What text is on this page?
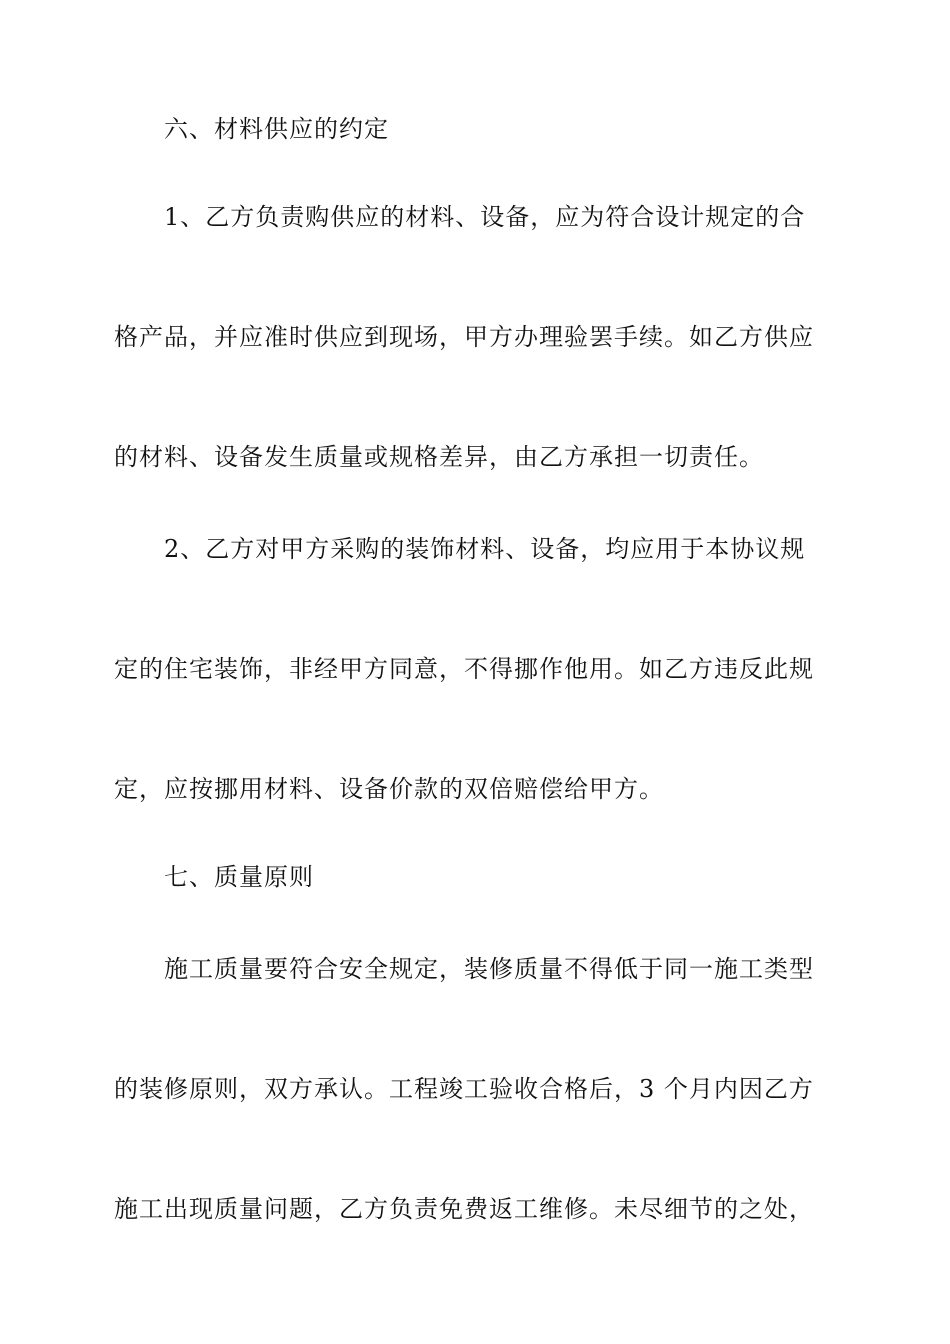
六、材料供应的约定
1、乙方负责购供应的材料、设备，应为符合设计规定的合
格产品，并应准时供应到现场，甲方办理验罢手续。如乙方供应
的材料、设备发生质量或规格差异，由乙方承担一切责任。
2、乙方对甲方采购的装饰材料、设备，均应用于本协议规
定的住宅装饰，非经甲方同意，不得挪作他用。如乙方违反此规
定，应按挪用材料、设备价款的双倍赔偿给甲方。
七、质量原则
施工质量要符合安全规定，装修质量不得低于同一施工类型
的装修原则，双方承认。工程竣工验收合格后，3 个月内因乙方
施工出现质量问题，乙方负责免费返工维修。未尽细节的之处，
